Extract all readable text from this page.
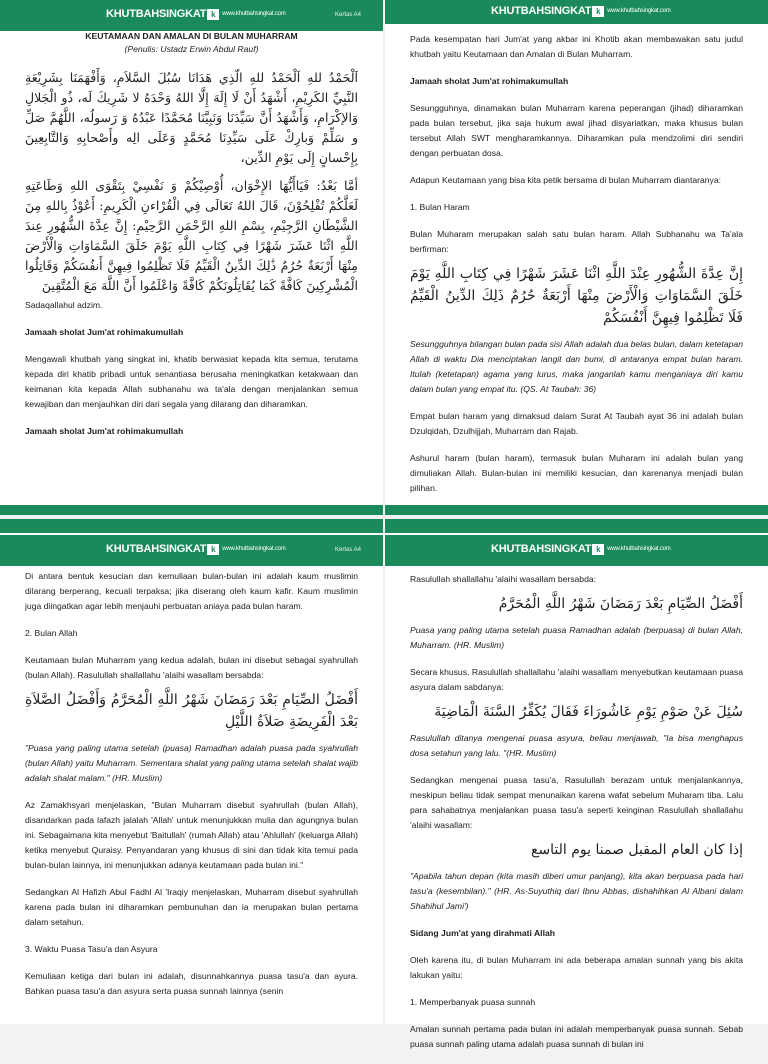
KHUTBAHSINGKAT k www.khutbahsingkat.com	Kertas A4

KEUTAMAAN DAN AMALAN DI BULAN MUHARRAM

(Penulis: Ustadz Erwin Abdul Rauf)

اَلْحَمْدُ للهِ اَلْحَمْدُ للهِ الّذِي هَدَانَا سُبُلَ السَّلاَمِ، وَأَفْهَمَنَا بِشَرِيْعَةِ النَّبِيِّ الكَرِيْمِ، أَشْهَدُ أَنْ لَا إِلَهَ إِلَّا اللهُ وَحْدَهُ لا شَرِيكَ لَه، ذُو الْجَلالِ وَالإكْرَامِ، وَأَشْهَدُ أَنَّ سَيِّدَنَا وَنَبِيَّنَا مُحَمَّدًا عَبْدُهُ وَ رَسولُه، اللَّهُمَّ صَلِّ و سَلِّمْ وَبارِكْ عَلَى سَيِّدِنَا مُحَمَّدٍ وَعَلَى الِه وأَصْحابِهِ وَالتَّابِعِينَ بِإِحْسانٍ إِلَى يَوْمِ الدِّين،

أمَّا بَعْدُ: فَيَاأَيُّهَا الإِخْوَان، أُوْصِيْكُمْ وَ نَفْسِيْ بِتَقْوَى اللهِ وَطَاعَتِهِ لَعَلَّكُمْ تُفْلِحُوْنَ، قَالَ اللهُ تَعَالَى فِي الْقُرْاءنِ الْكَرِيمِ: أَعُوْذُ بِاللهِ مِنَ الشَّيْطَانِ الرَّجِيْمِ، بِسْمِ اللهِ الرَّحْمَنِ الرَّحِيْمِ: إِنَّ عِدَّةَ الشُّهُورِ عِندَ اللَّهِ اثْنَا عَشَرَ شَهْرًا فِي كِتَابِ اللَّهِ يَوْمَ خَلَقَ السَّمَاوَاتِ وَالْأَرْضَ مِنْهَا أَرْبَعَةٌ حُرُمٌ ذَٰلِكَ الدِّينُ الْقَيِّمُ فَلَا تَظْلِمُوا فِيهِنَّ أَنفُسَكُمْ وَقَاتِلُوا الْمُشْرِكِينَ كَافَّةً كَمَا يُقَاتِلُونَكُمْ كَافَّةً وَاعْلَمُوا أَنَّ اللَّهَ مَعَ الْمُتَّقِينَ

Sadaqallahul adzim.

Jamaah sholat Jum'at rohimakumullah

Mengawali khutbah yang singkat ini, khatib berwasiat kepada kita semua, terutama kepada diri khatib pribadi untuk senantiasa berusaha meningkatkan ketakwaan dan keimanan kita kepada Allah subhanahu wa ta'ala dengan menjalankan semua kewajiban dan menjauhkan diri dari segala yang dilarang dan diharamkan.

Jamaah sholat Jum'at rohimakumullah

KHUTBAHSINGKAT k www.khutbahsingkat.com

Pada kesempatan hari Jum'at yang akbar ini Khotib akan membawakan satu judul khutbah yaitu Keutamaan dan Amalan di Bulan Muharram.

Jamaah sholat Jum'at rohimakumullah

Sesungguhnya, dinamakan bulan Muharram karena peperangan (jihad) diharamkan pada bulan tersebut, jika saja hukum awal jihad disyariatkan, maka khusus bulan tersebut Allah SWT mengharamkannya. Diharamkan pula mendzolimi diri sendiri dengan perbuatan dosa.

Adapun Keutamaan yang bisa kita petik bersama di bulan Muharram diantaranya:

1. Bulan Haram

Bulan Muharam merupakan salah satu bulan haram. Allah Subhanahu wa Ta'ala berfirman:

إِنَّ عِدَّةَ الشُّهُورِ عِنْدَ اللَّهِ اثْنَا عَشَرَ شَهْرًا فِي كِتَابِ اللَّهِ يَوْمَ خَلَقَ السَّمَاوَاتِ وَالْأَرْضَ مِنْهَا أَرْبَعَةٌ حُرُمٌ ذَلِكَ الدِّينُ الْقَيِّمُ فَلَا تَظْلِمُوا فِيهِنَّ أَنْفُسَكُمْ

Sesungguhnya bilangan bulan pada sisi Allah adalah dua belas bulan, dalam ketetapan Allah di waktu Dia menciptakan langit dan bumi, di antaranya empat bulan haram. Itulah (ketetapan) agama yang lurus, maka janganlah kamu menganiaya diri kamu dalam bulan yang empat itu. (QS. At Taubah: 36)

Empat bulan haram yang dimaksud dalam Surat At Taubah ayat 36 ini adalah bulan Dzulqidah, Dzulhijjah, Muharram dan Rajab.

Ashurul haram (bulan haram), termasuk bulan Muharam ini adalah bulan yang dimuliakan Allah. Bulan-bulan ini memiliki kesucian, dan karenanya menjadi bulan pilihan.

KHUTBAHSINGKAT k www.khutbahsingkat.com	Kertas A4

Di antara bentuk kesucian dan kemuliaan bulan-bulan ini adalah kaum muslimin dilarang berperang, kecuali terpaksa; jika diserang oleh kaum kafir. Kaum muslimin juga diingatkan agar lebih menjauhi perbuatan aniaya pada bulan haram.

2. Bulan Allah

Keutamaan bulan Muharram yang kedua adalah, bulan ini disebut sebagai syahrullah (bulan Allah). Rasulullah shallallahu 'alaihi wasallam bersabda:

أَفْضَلُ الصِّيَامِ بَعْدَ رَمَضَانَ شَهْرُ اللَّهِ الْمُحَرَّمُ وَأَفْضَلُ الصَّلاَةِ بَعْدَ الْفَرِيضَةِ صَلاَةُ اللَّيْلِ

"Puasa yang paling utama setelah (puasa) Ramadhan adalah puasa pada syahrullah (bulan Allah) yaitu Muharram. Sementara shalat yang paling utama setelah shalat wajib adalah shalat malam." (HR. Muslim)

Az Zamakhsyari menjelaskan, "Bulan Muharram disebut syahrullah (bulan Allah), disandarkan pada lafazh jalalah 'Allah' untuk menunjukkan mulia dan agungnya bulan ini. Sebagaimana kita menyebut 'Baitullah' (rumah Allah) atau 'Ahlullah' (keluarga Allah) ketika menyebut Quraisy. Penyandaran yang khusus di sini dan tidak kita temui pada bulan-bulan lainnya, ini menunjukkan adanya keutamaan pada bulan ini."

Sedangkan Al Hafizh Abul Fadhl Al 'Iraqiy menjelaskan, Muharram disebut syahrullah karena pada bulan ini diharamkan pembunuhan dan ia merupakan bulan pertama dalam setahun.

3. Waktu Puasa Tasu'a dan Asyura

Kemuliaan ketiga dari bulan ini adalah, disunnahkannya puasa tasu'a dan ayura. Bahkan puasa tasu'a dan asyura serta puasa sunnah lainnya (senin

KHUTBAHSINGKAT k www.khutbahsingkat.com

Rasulullah shallallahu 'alaihi wasallam bersabda:

أَفْضَلُ الصِّيَامِ بَعْدَ رَمَضَانَ شَهْرُ اللَّهِ الْمُحَرَّمُ

Puasa yang paling utama setelah puasa Ramadhan adalah (berpuasa) di bulan Allah, Muharram. (HR. Muslim)

Secara khusus, Rasulullah shallallahu 'alaihi wasallam menyebutkan keutamaan puasa asyura dalam sabdanya:

سُئِلَ عَنْ صَوْمِ يَوْمِ عَاشُورَاءَ فَقَالَ يُكَفِّرُ السَّنَةَ الْمَاضِيَةَ

Rasulullah ditanya mengenai puasa asyura, beliau menjawab, "Ia bisa menghapus dosa setahun yang lalu. "(HR. Muslim)

Sedangkan mengenai puasa tasu'a, Rasulullah berazam untuk menjalankannya, meskipun beliau tidak sempat menunaikan karena wafat sebelum Muharam tiba. Lalu para sahabatnya menjalankan puasa tasu'a seperti keinginan Rasulullah shallallahu 'alaihi wasallam:

إذا كان العام المقبل صمنا يوم التاسع

"Apabila tahun depan (kita masih diberi umur panjang), kita akan berpuasa pada hari tasu'a (kesembilan)." (HR. As-Suyuthiq dari Ibnu Abbas, dishahihkan Al Albani dalam Shahihul Jami')

Sidang Jum'at yang dirahmati Allah

Oleh karena itu, di bulan Muharram ini ada beberapa amalan sunnah yang bis akita lakukan yaitu:

1. Memperbanyak puasa sunnah

Amalan sunnah pertama pada bulan ini adalah memperbanyak puasa sunnah. Sebab puasa sunnah paling utama adalah puasa sunnah di bulan ini
